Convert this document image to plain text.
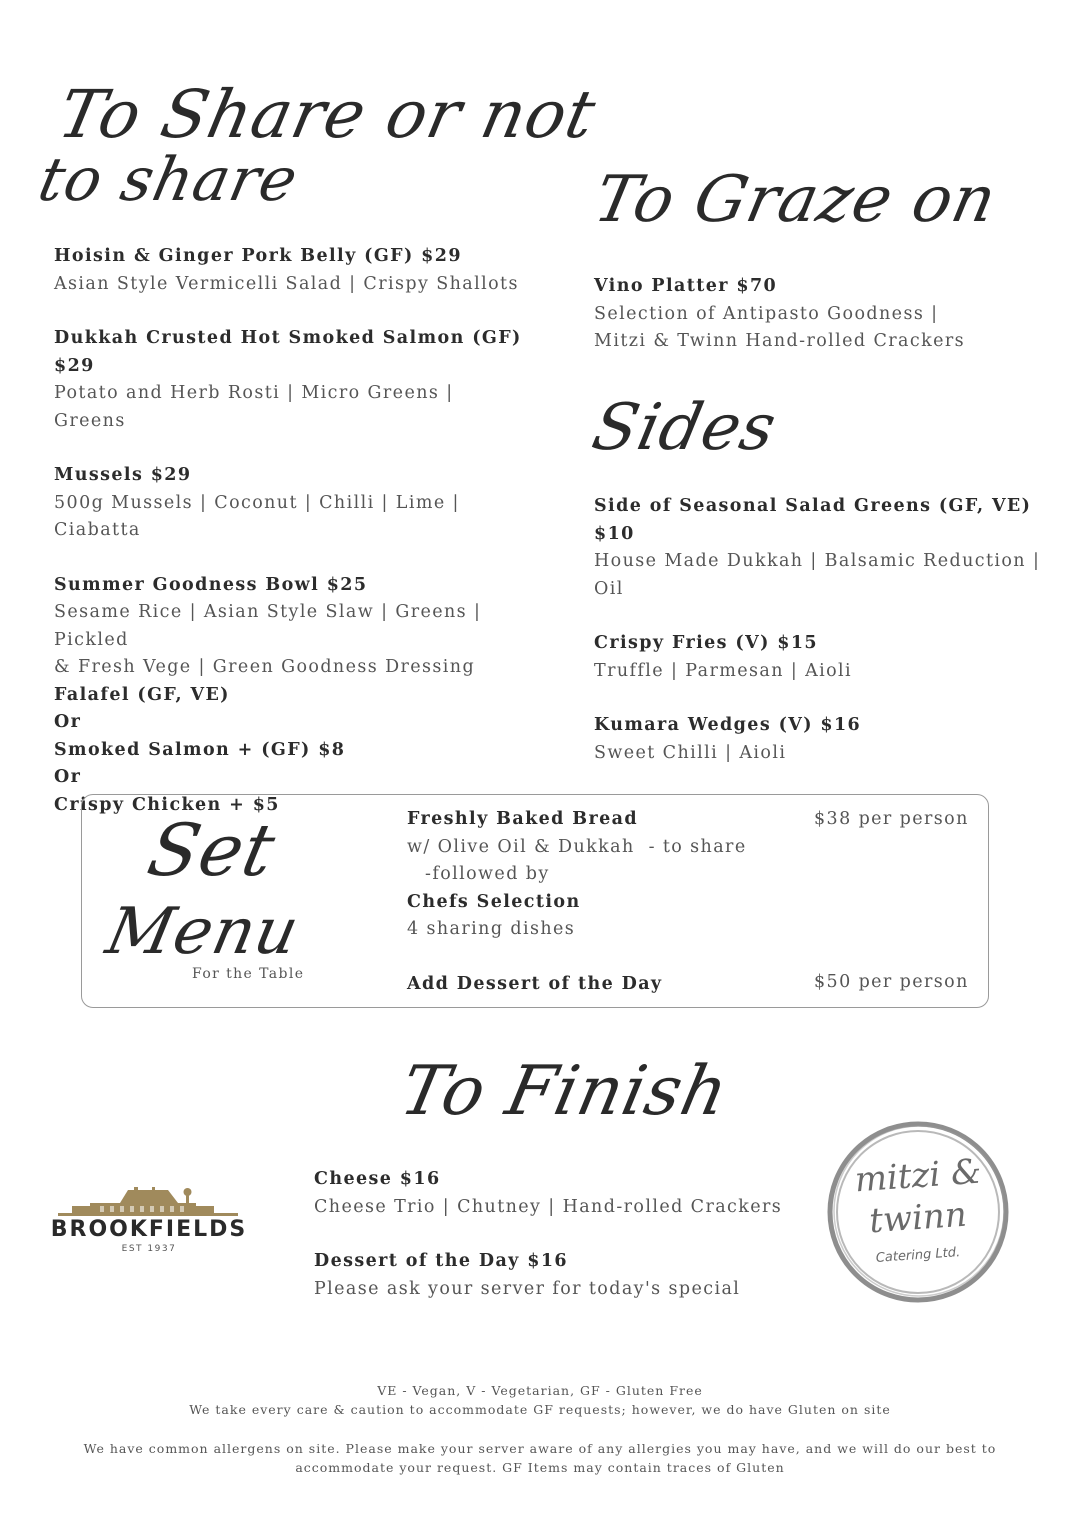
To Share or not
to share
Hoisin & Ginger Pork Belly (GF) $29
Asian Style Vermicelli Salad | Crispy Shallots
Dukkah Crusted Hot Smoked Salmon (GF) $29
Potato and Herb Rosti | Micro Greens |
Greens
Mussels $29
500g Mussels | Coconut | Chilli | Lime | Ciabatta
Summer Goodness Bowl $25
Sesame Rice | Asian Style Slaw | Greens | Pickled
& Fresh Vege | Green Goodness Dressing
Falafel (GF, VE)
Or
Smoked Salmon + (GF) $8
Or
Crispy Chicken + $5
To Graze on
Vino Platter $70
Selection of Antipasto Goodness |
Mitzi & Twinn Hand-rolled Crackers
Sides
Side of Seasonal Salad Greens (GF, VE) $10
House Made Dukkah | Balsamic Reduction | Oil
Crispy Fries (V) $15
Truffle | Parmesan | Aioli
Kumara Wedges (V) $16
Sweet Chilli | Aioli
Set
Menu
For the Table
Freshly Baked Bread
w/ Olive Oil & Dukkah  - to share
-followed by
Chefs Selection
4 sharing dishes
Add Dessert of the Day
$38 per person
$50 per person
To Finish
Cheese $16
Cheese Trio | Chutney | Hand-rolled Crackers
Dessert of the Day $16
Please ask your server for today's special
BROOKFIELDS
EST 1937
mitzi &
twinn
Catering Ltd.
VE - Vegan, V - Vegetarian, GF - Gluten Free
We take every care & caution to accommodate GF requests; however, we do have Gluten on site
We have common allergens on site. Please make your server aware of any allergies you may have, and we will do our best to
accommodate your request. GF Items may contain traces of Gluten
